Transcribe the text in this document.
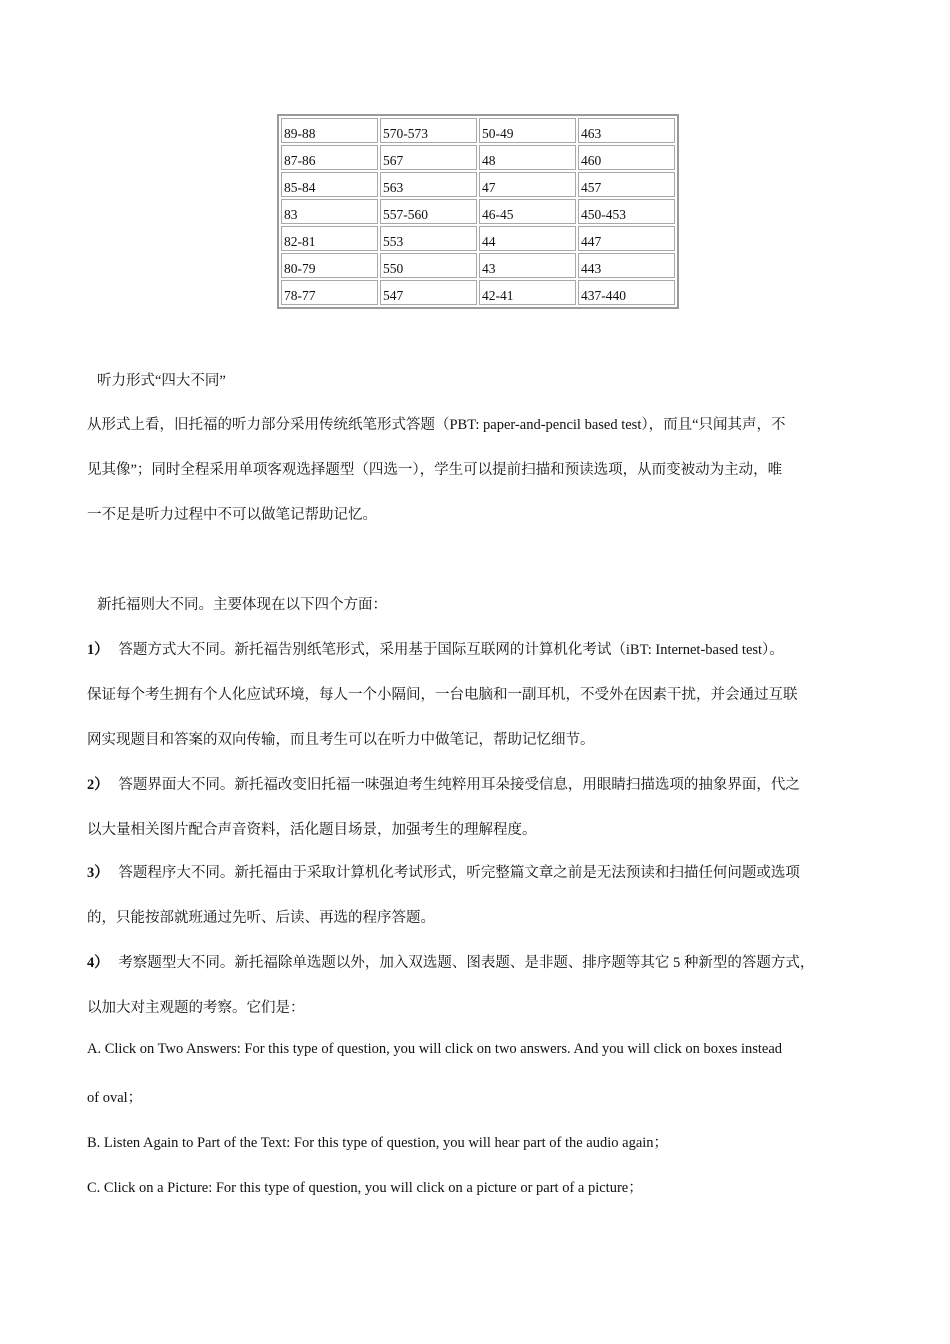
89-88	570-573	50-49	463
87-86	567	48	460
85-84	563	47	457
83	557-560	46-45	450-453
82-81	553	44	447
80-79	550	43	443
78-77	547	42-41	437-440
听力形式“四大不同”
从形式上看，旧托福的听力部分采用传统纸笔形式答题（PBT: paper-and-pencil based test），而且“只闻其声，不
见其像”；同时全程采用单项客观选择题型（四选一），学生可以提前扫描和预读选项，从而变被动为主动，唯
一不足是听力过程中不可以做笔记帮助记忆。
新托福则大不同。主要体现在以下四个方面：
1） 答题方式大不同。新托福告别纸笔形式，采用基于国际互联网的计算机化考试（iBT: Internet-based test）。
保证每个考生拥有个人化应试环境，每人一个小隔间，一台电脑和一副耳机，不受外在因素干扰，并会通过互联
网实现题目和答案的双向传输，而且考生可以在听力中做笔记，帮助记忆细节。
2） 答题界面大不同。新托福改变旧托福一味强迫考生纯粹用耳朵接受信息，用眼睛扫描选项的抽象界面，代之
以大量相关图片配合声音资料，活化题目场景，加强考生的理解程度。
3） 答题程序大不同。新托福由于采取计算机化考试形式，听完整篇文章之前是无法预读和扫描任何问题或选项
的，只能按部就班通过先听、后读、再选的程序答题。
4） 考察题型大不同。新托福除单选题以外，加入双选题、图表题、是非题、排序题等其它 5 种新型的答题方式，
以加大对主观题的考察。它们是：
A. Click on Two Answers: For this type of question, you will click on two answers. And you will click on boxes instead
of oval；
B. Listen Again to Part of the Text: For this type of question, you will hear part of the audio again；
C. Click on a Picture: For this type of question, you will click on a picture or part of a picture；
